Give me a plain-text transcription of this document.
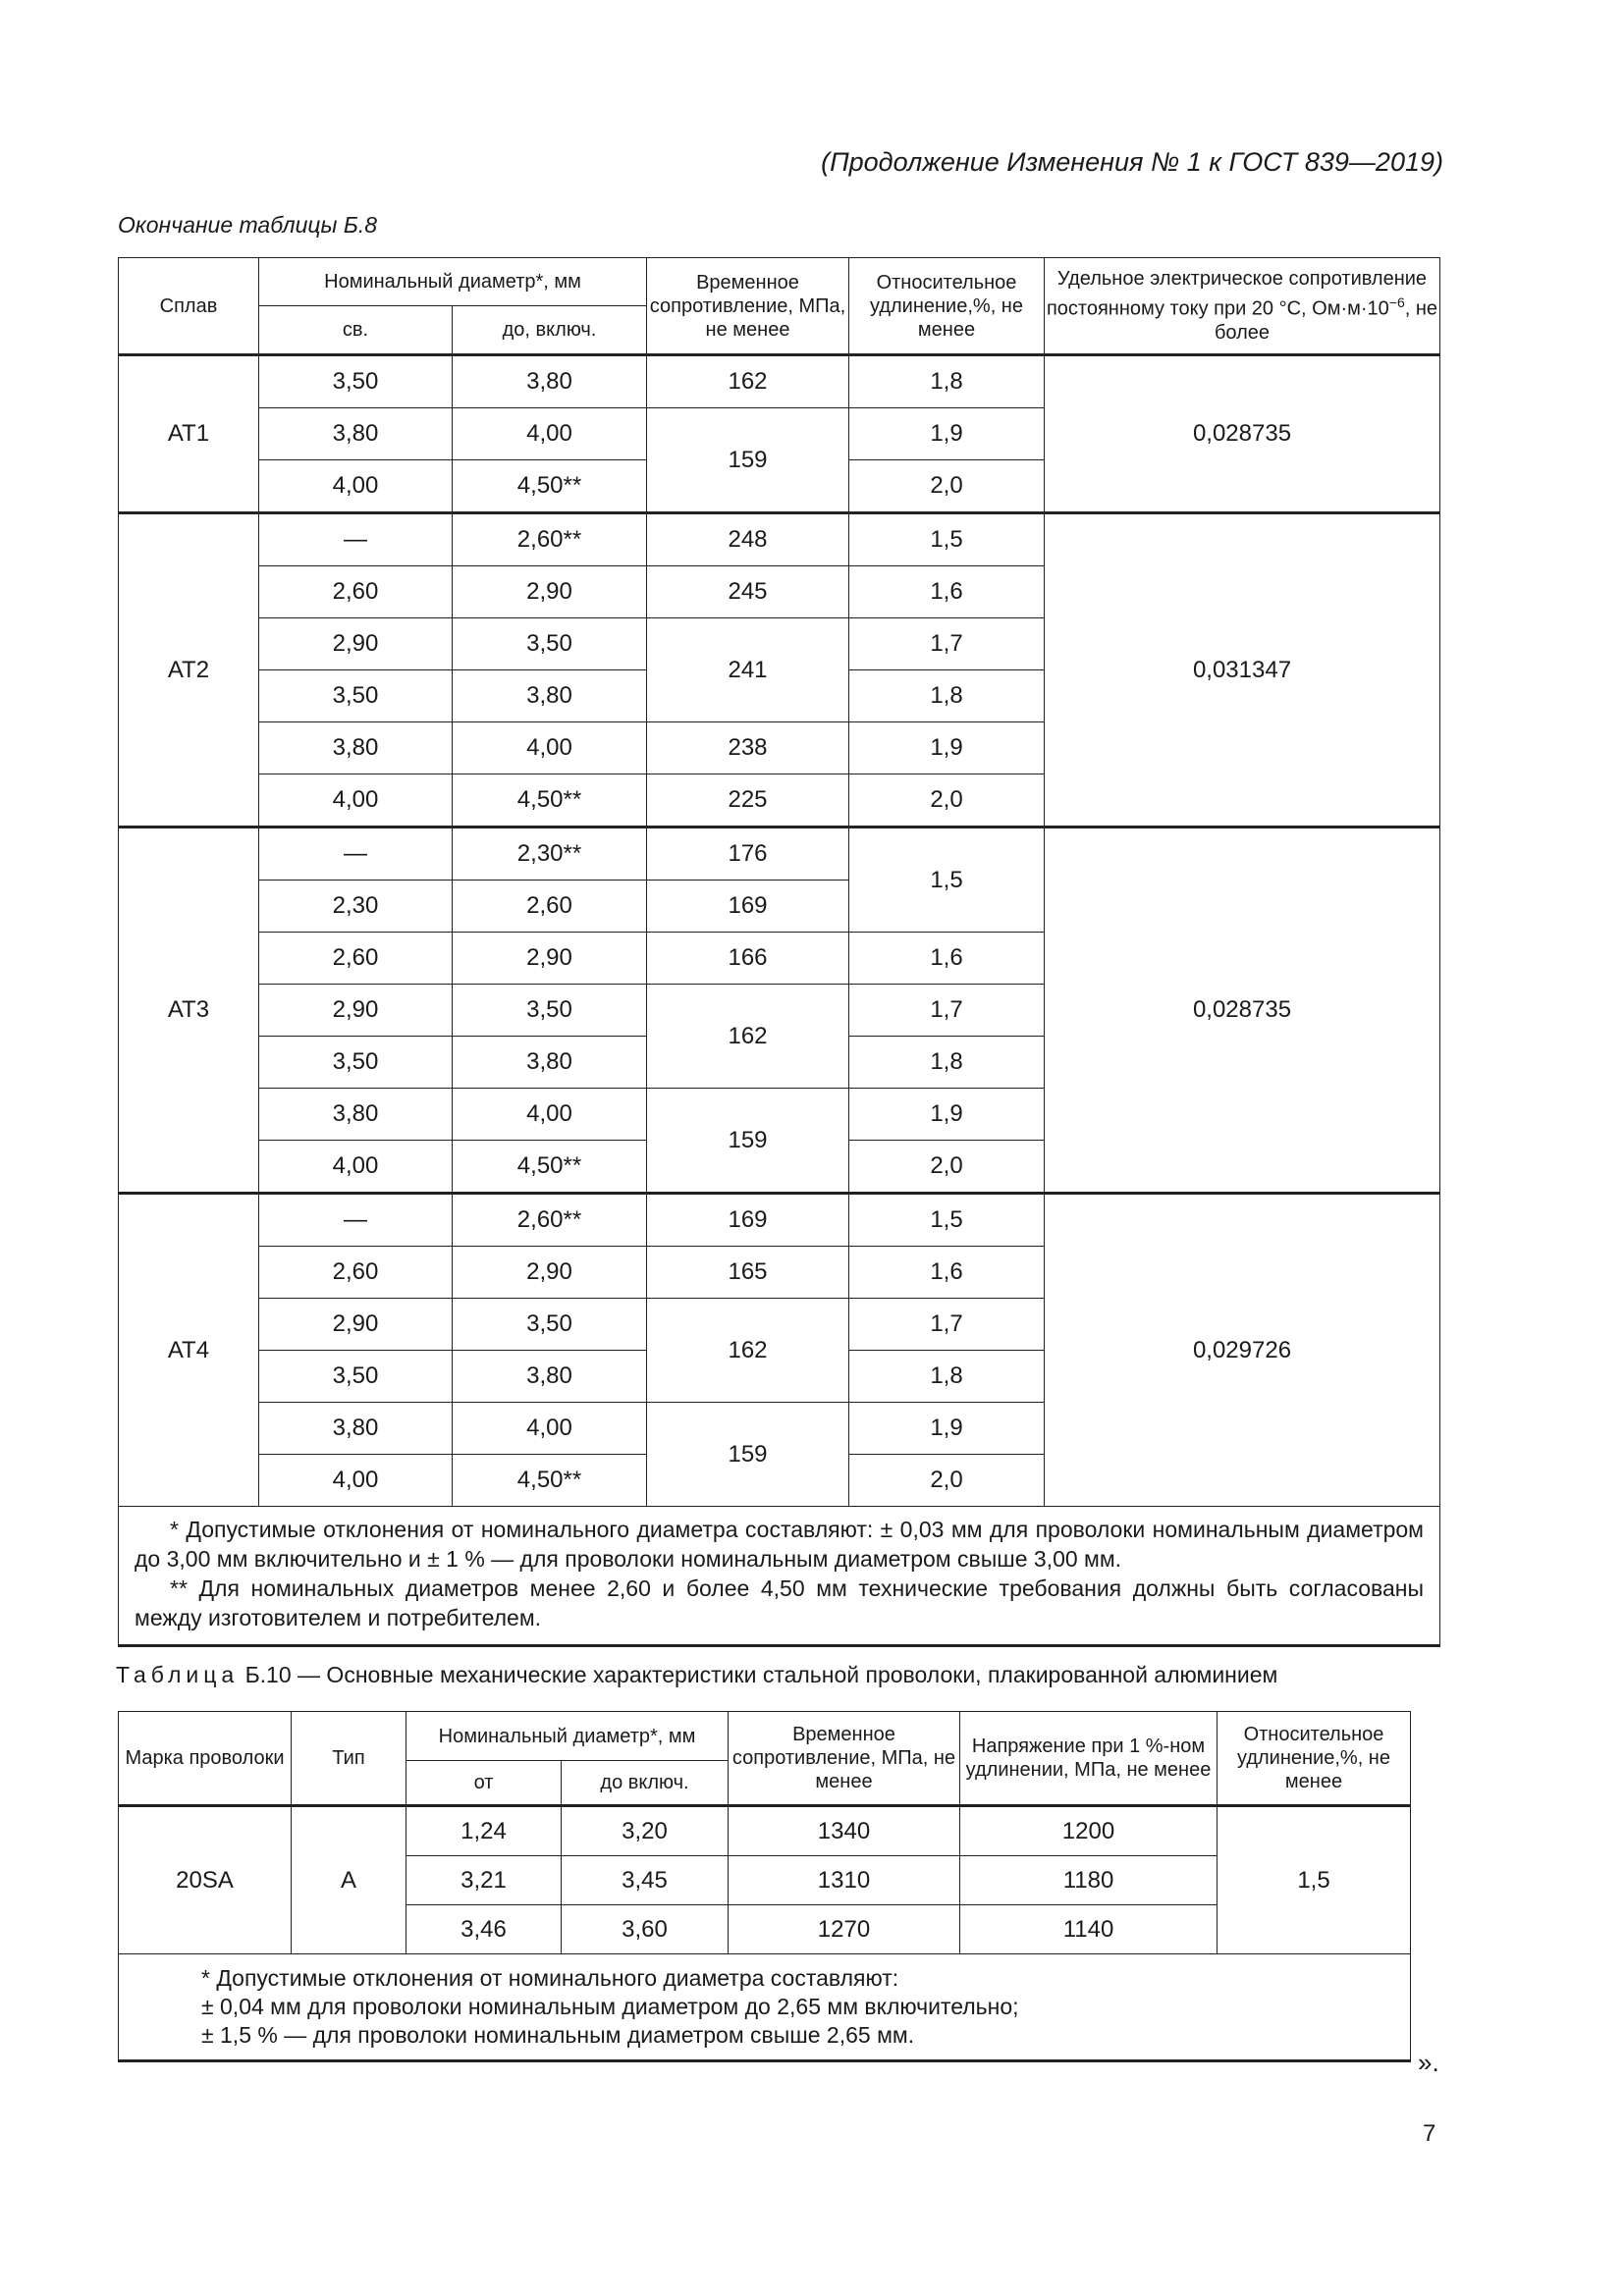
(Продолжение Изменения № 1 к ГОСТ 839—2019)
Окончание таблицы Б.8
Сплав	Номинальный диаметр*, мм		Временное сопротивление, МПа, не менее	Относительное удлинение,%, не менее	Удельное электрическое сопротивление постоянному току при 20 °С, $Ом\cdot м\cdot 10^{-6}$, не более
	св.	до, включ.			
АТ1	3,50	3,80	162	1,8	0,028735
	3,80	4,00	159	1,9	
	4,00	4,50**		2,0	
АТ2	—	2,60**	248	1,5	0,031347
	2,60	2,90	245	1,6	
	2,90	3,50	241	1,7	
	3,50	3,80		1,8	
	3,80	4,00	238	1,9	
	4,00	4,50**	225	2,0	
АТ3	—	2,30**	176	1,5	0,028735
	2,30	2,60	169		
	2,60	2,90	166	1,6	
	2,90	3,50	162	1,7	
	3,50	3,80		1,8	
	3,80	4,00	159	1,9	
	4,00	4,50**		2,0	
АТ4	—	2,60**	169	1,5	0,029726
	2,60	2,90	165	1,6	
	2,90	3,50	162	1,7	
	3,50	3,80		1,8	
	3,80	4,00	159	1,9	
	4,00	4,50**		2,0	

* Допустимые отклонения от номинального диаметра составляют: ± 0,03 мм для проволоки номинальным диаметром до 3,00 мм включительно и ± 1 % — для проволоки номинальным диаметром свыше 3,00 мм.

** Для номинальных диаметров менее 2,60 и более 4,50 мм технические требования должны быть согласованы между изготовителем и потребителем.					

Таблица Б.10 — Основные механические характеристики стальной проволоки, плакированной алюминием
Марка проволоки	Тип	Номинальный диаметр*, мм		Временное сопротивление, МПа, не менее	Напряжение при 1 %-ном удлинении, МПа, не менее	Относительное удлинение,%, не менее
		от	до включ.			
20SA	A	1,24	3,20	1340	1200	1,5
		3,21	3,45	1310	1180	
		3,46	3,60	1270	1140	

* Допустимые отклонения от номинального диаметра составляют:
± 0,04 мм для проволоки номинальным диаметром до 2,65 мм включительно;
± 1,5 % — для проволоки номинальным диаметром свыше 2,65 мм.						
».
7
